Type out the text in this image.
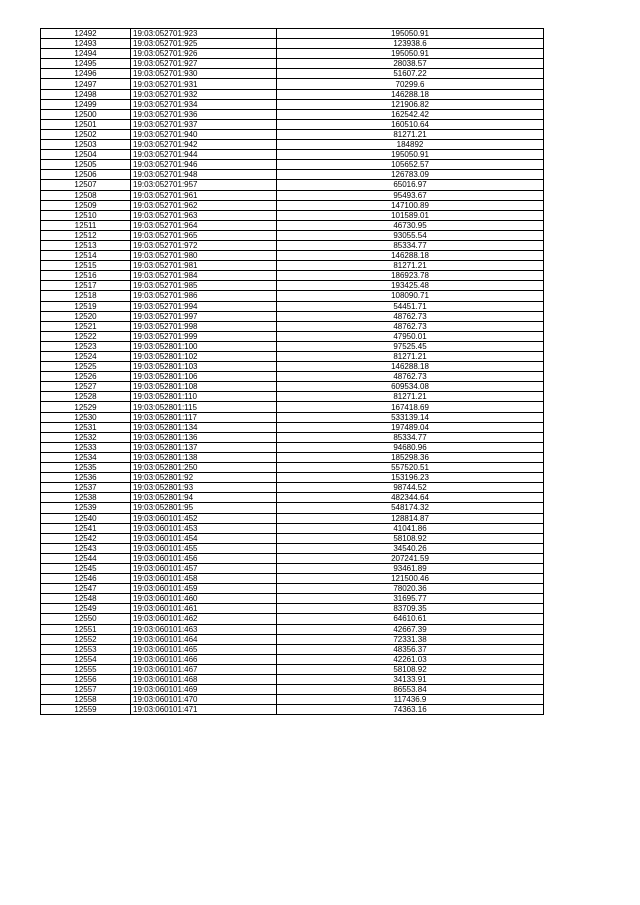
12492	19:03:052701:923	195050.91
12493	19:03:052701:925	123938.6
12494	19:03:052701:926	195050.91
12495	19:03:052701:927	28038.57
12496	19:03:052701:930	51607.22
12497	19:03:052701:931	70299.6
12498	19:03:052701:932	146288.18
12499	19:03:052701:934	121906.82
12500	19:03:052701:936	162542.42
12501	19:03:052701:937	160510.64
12502	19:03:052701:940	81271.21
12503	19:03:052701:942	184892
12504	19:03:052701:944	195050.91
12505	19:03:052701:946	105652.57
12506	19:03:052701:948	126783.09
12507	19:03:052701:957	65016.97
12508	19:03:052701:961	95493.67
12509	19:03:052701:962	147100.89
12510	19:03:052701:963	101589.01
12511	19:03:052701:964	46730.95
12512	19:03:052701:965	93055.54
12513	19:03:052701:972	85334.77
12514	19:03:052701:980	146288.18
12515	19:03:052701:981	81271.21
12516	19:03:052701:984	186923.78
12517	19:03:052701:985	193425.48
12518	19:03:052701:986	108090.71
12519	19:03:052701:994	54451.71
12520	19:03:052701:997	48762.73
12521	19:03:052701:998	48762.73
12522	19:03:052701:999	47950.01
12523	19:03:052801:100	97525.45
12524	19:03:052801:102	81271.21
12525	19:03:052801:103	146288.18
12526	19:03:052801:106	48762.73
12527	19:03:052801:108	609534.08
12528	19:03:052801:110	81271.21
12529	19:03:052801:115	167418.69
12530	19:03:052801:117	533139.14
12531	19:03:052801:134	197489.04
12532	19:03:052801:136	85334.77
12533	19:03:052801:137	94680.96
12534	19:03:052801:138	185298.36
12535	19:03:052801:250	557520.51
12536	19:03:052801:92	153196.23
12537	19:03:052801:93	98744.52
12538	19:03:052801:94	482344.64
12539	19:03:052801:95	548174.32
12540	19:03:060101:452	128814.87
12541	19:03:060101:453	41041.86
12542	19:03:060101:454	58108.92
12543	19:03:060101:455	34540.26
12544	19:03:060101:456	207241.59
12545	19:03:060101:457	93461.89
12546	19:03:060101:458	121500.46
12547	19:03:060101:459	78020.36
12548	19:03:060101:460	31695.77
12549	19:03:060101:461	83709.35
12550	19:03:060101:462	64610.61
12551	19:03:060101:463	42667.39
12552	19:03:060101:464	72331.38
12553	19:03:060101:465	48356.37
12554	19:03:060101:466	42261.03
12555	19:03:060101:467	58108.92
12556	19:03:060101:468	34133.91
12557	19:03:060101:469	86553.84
12558	19:03:060101:470	117436.9
12559	19:03:060101:471	74363.16
